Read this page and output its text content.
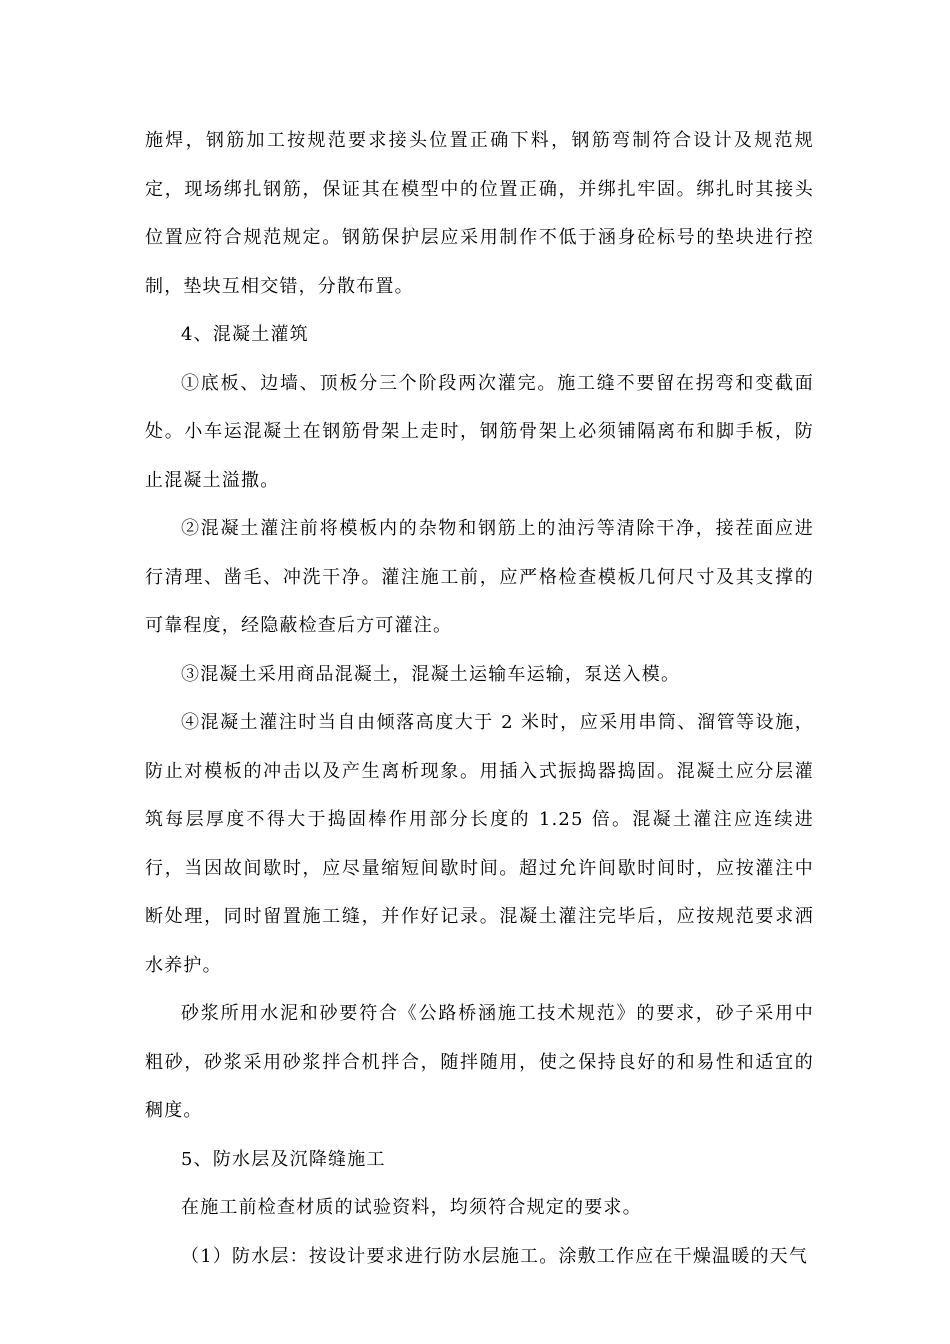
施焊，钢筋加工按规范要求接头位置正确下料，钢筋弯制符合设计及规范规定，现场绑扎钢筋，保证其在模型中的位置正确，并绑扎牢固。绑扎时其接头位置应符合规范规定。钢筋保护层应采用制作不低于涵身砼标号的垫块进行控制，垫块互相交错，分散布置。

4、混凝土灌筑

①底板、边墙、顶板分三个阶段两次灌完。施工缝不要留在拐弯和变截面处。小车运混凝土在钢筋骨架上走时，钢筋骨架上必须铺隔离布和脚手板，防止混凝土溢撒。

②混凝土灌注前将模板内的杂物和钢筋上的油污等清除干净，接茬面应进行清理、凿毛、冲洗干净。灌注施工前，应严格检查模板几何尺寸及其支撑的可靠程度，经隐蔽检查后方可灌注。

③混凝土采用商品混凝土，混凝土运输车运输，泵送入模。

④混凝土灌注时当自由倾落高度大于 2 米时，应采用串筒、溜管等设施，防止对模板的冲击以及产生离析现象。用插入式振捣器捣固。混凝土应分层灌筑每层厚度不得大于捣固棒作用部分长度的 1.25 倍。混凝土灌注应连续进行，当因故间歇时，应尽量缩短间歇时间。超过允许间歇时间时，应按灌注中断处理，同时留置施工缝，并作好记录。混凝土灌注完毕后，应按规范要求洒水养护。

砂浆所用水泥和砂要符合《公路桥涵施工技术规范》的要求，砂子采用中粗砂，砂浆采用砂浆拌合机拌合，随拌随用，使之保持良好的和易性和适宜的稠度。

5、防水层及沉降缝施工

在施工前检查材质的试验资料，均须符合规定的要求。

（1）防水层：按设计要求进行防水层施工。涂敷工作应在干燥温暖的天气
